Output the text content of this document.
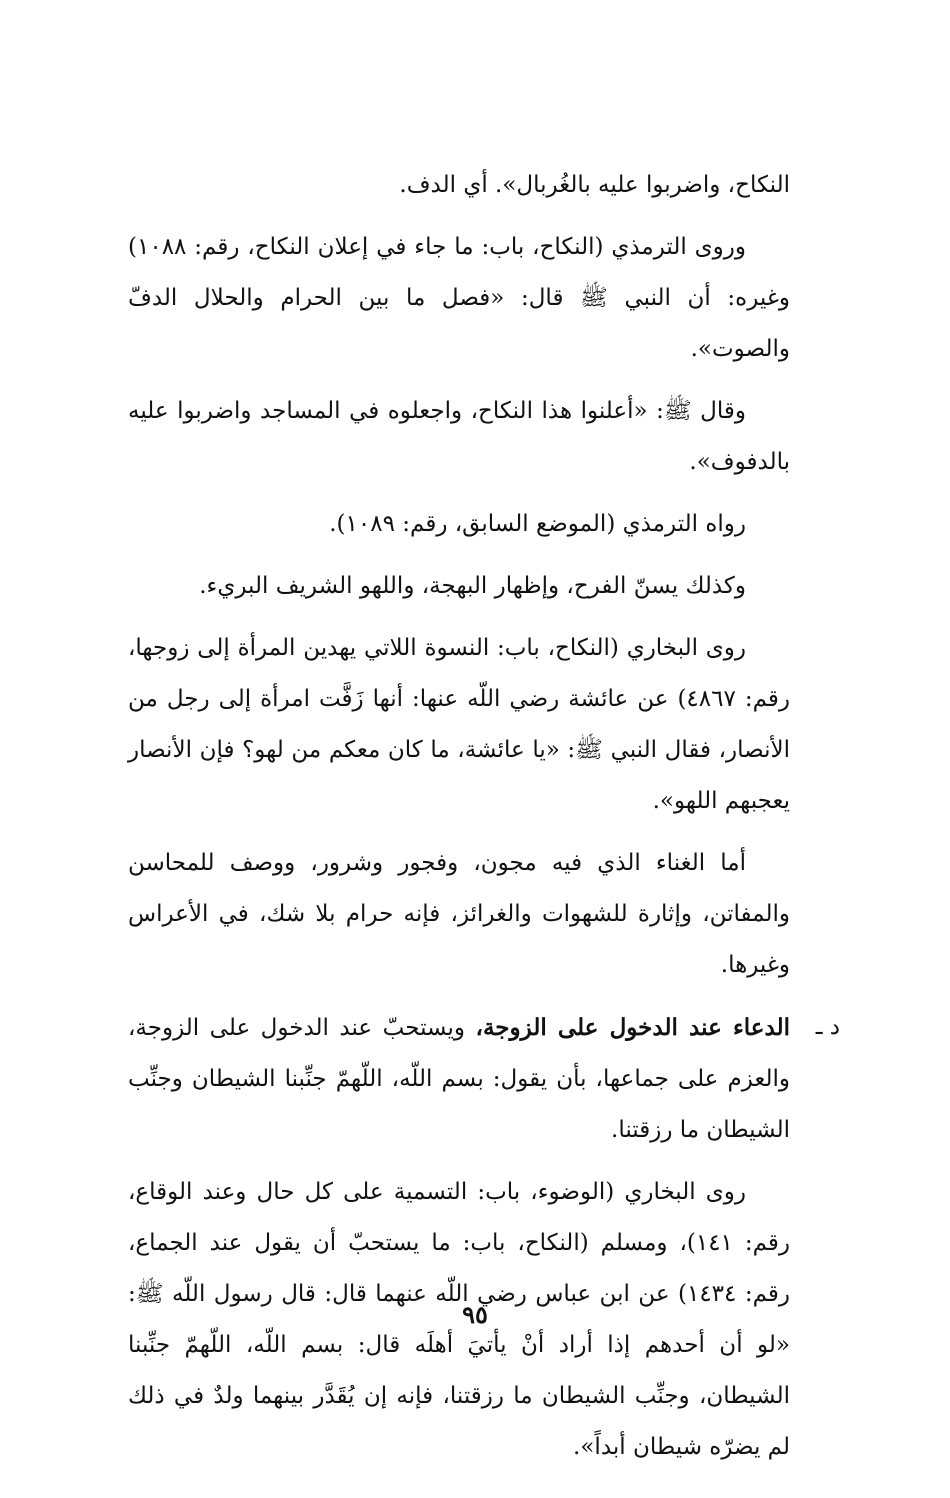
النكاح، واضربوا عليه بالغُربال». أي الدف.

وروى الترمذي (النكاح، باب: ما جاء في إعلان النكاح، رقم: ١٠٨٨) وغيره: أن النبي ﷺ قال: «فصل ما بين الحرام والحلال الدفّ والصوت».

وقال ﷺ: «أعلنوا هذا النكاح، واجعلوه في المساجد واضربوا عليه بالدفوف».

رواه الترمذي (الموضع السابق، رقم: ١٠٨٩).

وكذلك يسنّ الفرح، وإظهار البهجة، واللهو الشريف البريء.

روى البخاري (النكاح، باب: النسوة اللاتي يهدين المرأة إلى زوجها، رقم: ٤٨٦٧) عن عائشة رضي اللّه عنها: أنها زَفَّت امرأة إلى رجل من الأنصار، فقال النبي ﷺ: «يا عائشة، ما كان معكم من لهو؟ فإن الأنصار يعجبهم اللهو».

أما الغناء الذي فيه مجون، وفجور وشرور، ووصف للمحاسن والمفاتن، وإثارة للشهوات والغرائز، فإنه حرام بلا شك، في الأعراس وغيرها.

د ـ
الدعاء عند الدخول على الزوجة، ويستحبّ عند الدخول على الزوجة، والعزم على جماعها، بأن يقول: بسم اللّه، اللّهمّ جنِّبنا الشيطان وجنِّب الشيطان ما رزقتنا.

روى البخاري (الوضوء، باب: التسمية على كل حال وعند الوقاع، رقم: ١٤١)، ومسلم (النكاح، باب: ما يستحبّ أن يقول عند الجماع، رقم: ١٤٣٤) عن ابن عباس رضي اللّه عنهما قال: قال رسول اللّه ﷺ: «لو أن أحدهم إذا أراد أنْ يأتيَ أهلَه قال: بسم اللّه، اللّهمّ جنِّبنا الشيطان، وجنِّب الشيطان ما رزقتنا، فإنه إن يُقَدَّر بينهما ولدٌ في ذلك لم يضرّه شيطان أبداً».

٩٥
